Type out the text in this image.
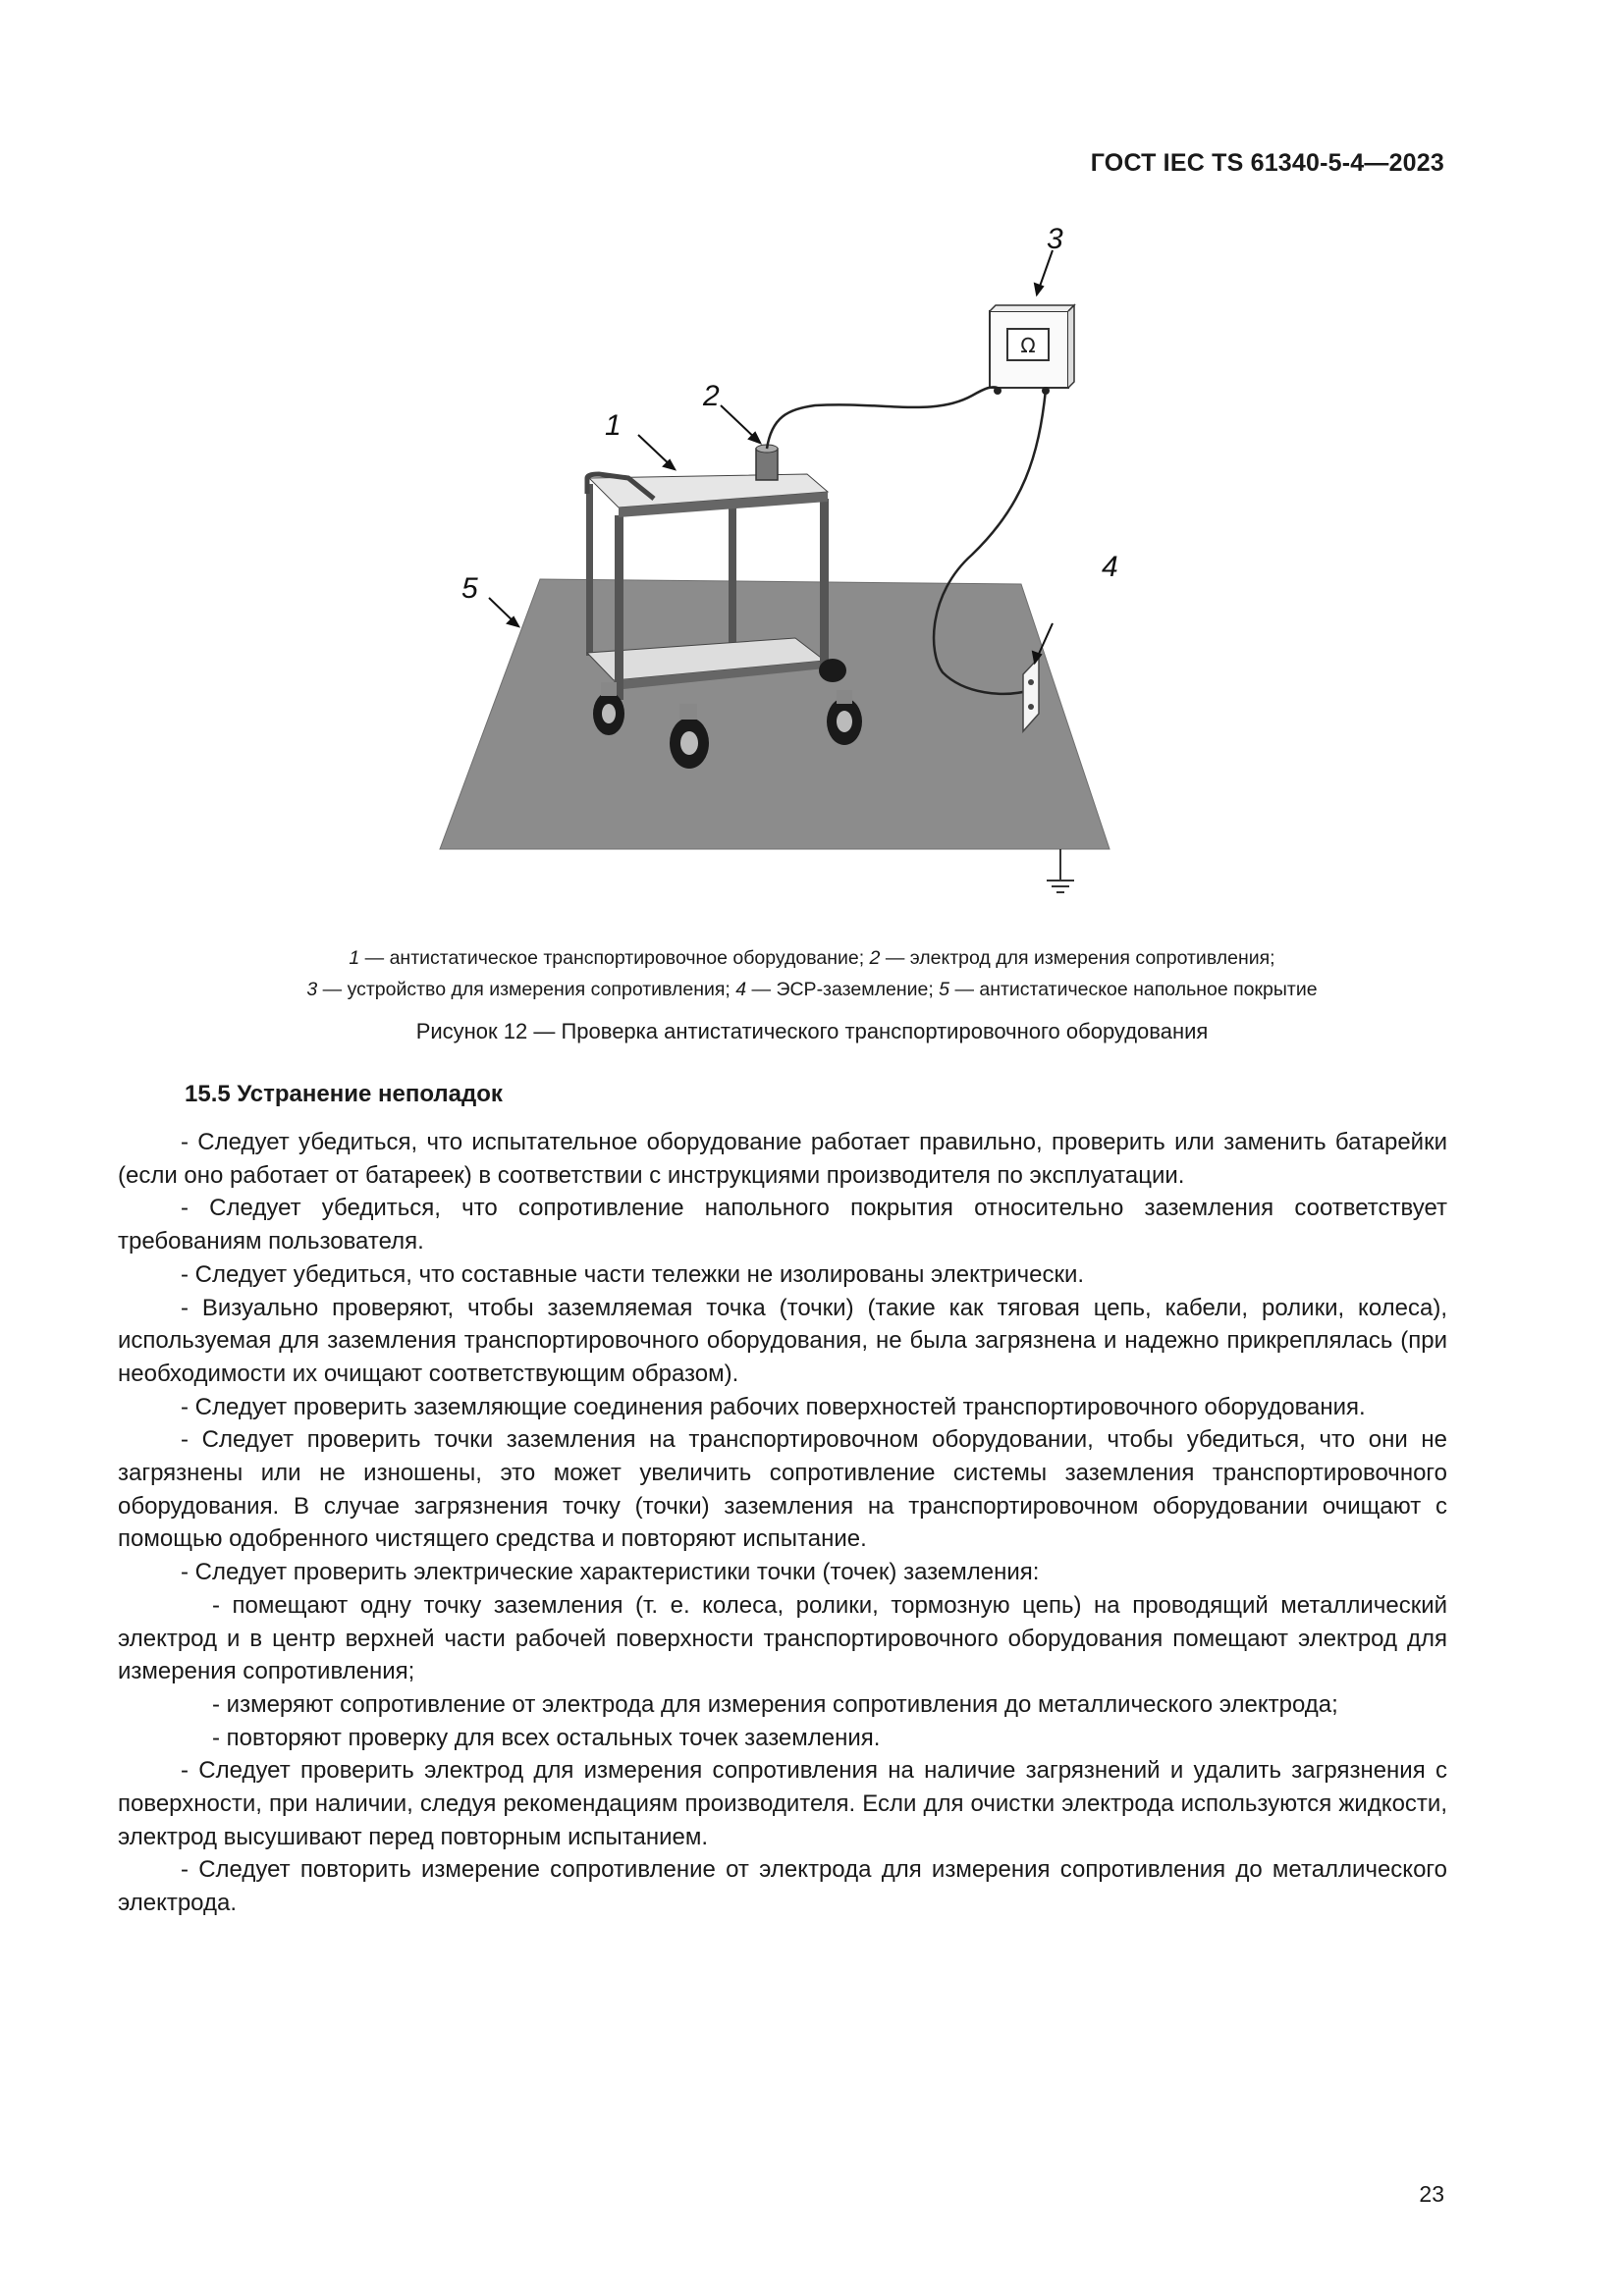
ГОСТ IEC TS 61340-5-4—2023
Ω
1
2
3
4
5

1 — антистатическое транспортировочное оборудование; 2 — электрод для измерения сопротивления;

3 — устройство для измерения сопротивления; 4 — ЭСР-заземление; 5 — антистатическое напольное покрытие

Рисунок 12 — Проверка антистатического транспортировочного оборудования
15.5 Устранение неполадок

- Следует убедиться, что испытательное оборудование работает правильно, проверить или заменить батарейки (если оно работает от батареек) в соответствии с инструкциями производителя по эксплуатации.

- Следует убедиться, что сопротивление напольного покрытия относительно заземления соответствует требованиям пользователя.

- Следует убедиться, что составные части тележки не изолированы электрически.

- Визуально проверяют, чтобы заземляемая точка (точки) (такие как тяговая цепь, кабели, ролики, колеса), используемая для заземления транспортировочного оборудования, не была загрязнена и надежно прикреплялась (при необходимости их очищают соответствующим образом).

- Следует проверить заземляющие соединения рабочих поверхностей транспортировочного оборудования.

- Следует проверить точки заземления на транспортировочном оборудовании, чтобы убедиться, что они не загрязнены или не изношены, это может увеличить сопротивление системы заземления транспортировочного оборудования. В случае загрязнения точку (точки) заземления на транспортировочном оборудовании очищают с помощью одобренного чистящего средства и повторяют испытание.

- Следует проверить электрические характеристики точки (точек) заземления:

- помещают одну точку заземления (т. е. колеса, ролики, тормозную цепь) на проводящий металлический электрод и в центр верхней части рабочей поверхности транспортировочного оборудования помещают электрод для измерения сопротивления;

- измеряют сопротивление от электрода для измерения сопротивления до металлического электрода;

- повторяют проверку для всех остальных точек заземления.

- Следует проверить электрод для измерения сопротивления на наличие загрязнений и удалить загрязнения с поверхности, при наличии, следуя рекомендациям производителя. Если для очистки электрода используются жидкости, электрод высушивают перед повторным испытанием.

- Следует повторить измерение сопротивление от электрода для измерения сопротивления до металлического электрода.

23
